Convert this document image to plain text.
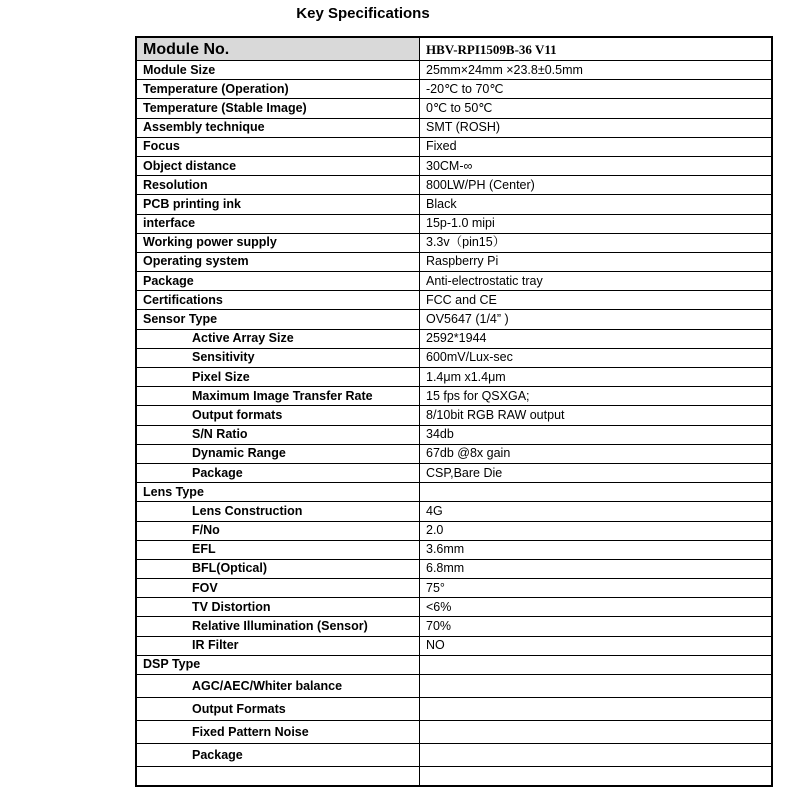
Key Specifications
Module No.	HBV-RPI1509B-36 V11
Module Size	25mm×24mm ×23.8±0.5mm
Temperature (Operation)	-20℃ to 70℃
Temperature (Stable Image)	0℃ to 50℃
Assembly technique	SMT (ROSH)
Focus	Fixed
Object distance	30CM-∞
Resolution	800LW/PH (Center)
PCB printing ink	Black
interface	15p-1.0 mipi
Working power supply	3.3v（pin15）
Operating system	Raspberry Pi
Package	Anti-electrostatic tray
Certifications	FCC and CE
Sensor Type	OV5647 (1/4” )
Active Array Size	2592*1944
Sensitivity	600mV/Lux-sec
Pixel Size	1.4μm x1.4μm
Maximum Image Transfer Rate	15 fps for QSXGA;
Output formats	8/10bit RGB RAW output
S/N Ratio	34db
Dynamic Range	67db @8x gain
Package	CSP,Bare Die
Lens Type	
Lens Construction	4G
F/No	2.0
EFL	3.6mm
BFL(Optical)	6.8mm
FOV	75°
TV Distortion	<6%
Relative Illumination (Sensor)	70%
IR Filter	NO
DSP Type	
AGC/AEC/Whiter balance	
Output Formats	
Fixed Pattern Noise	
Package	
